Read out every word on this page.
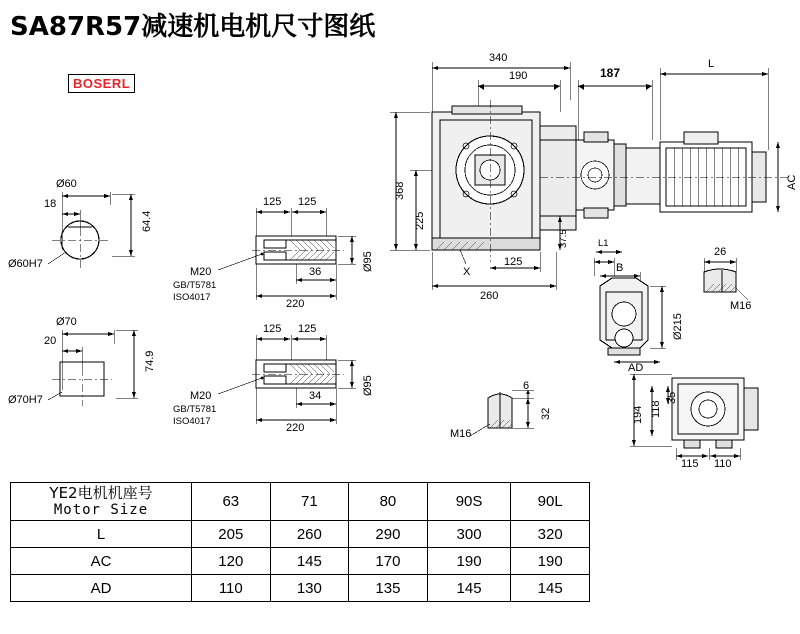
SA87R57减速机电机尺寸图纸
BOSERL
Ø60
18
64.4
Ø60H7
Ø70
20
74.9
Ø70H7
125 125
36
220
Ø95
M20
GB/T5781
ISO4017
125 125
34
220
Ø95
M20
GB/T5781
ISO4017
340
190	187
L
368
225
37.5
125
260
X
AC
L1
26
B
Ø215
M16
AD
6
32
M16
194 118
35
115 110
YE2电机机座号
Motor Size	63	71	80	90S	90L
L	205	260	290	300	320
AC	120	145	170	190	190
AD	110	130	135	145	145
